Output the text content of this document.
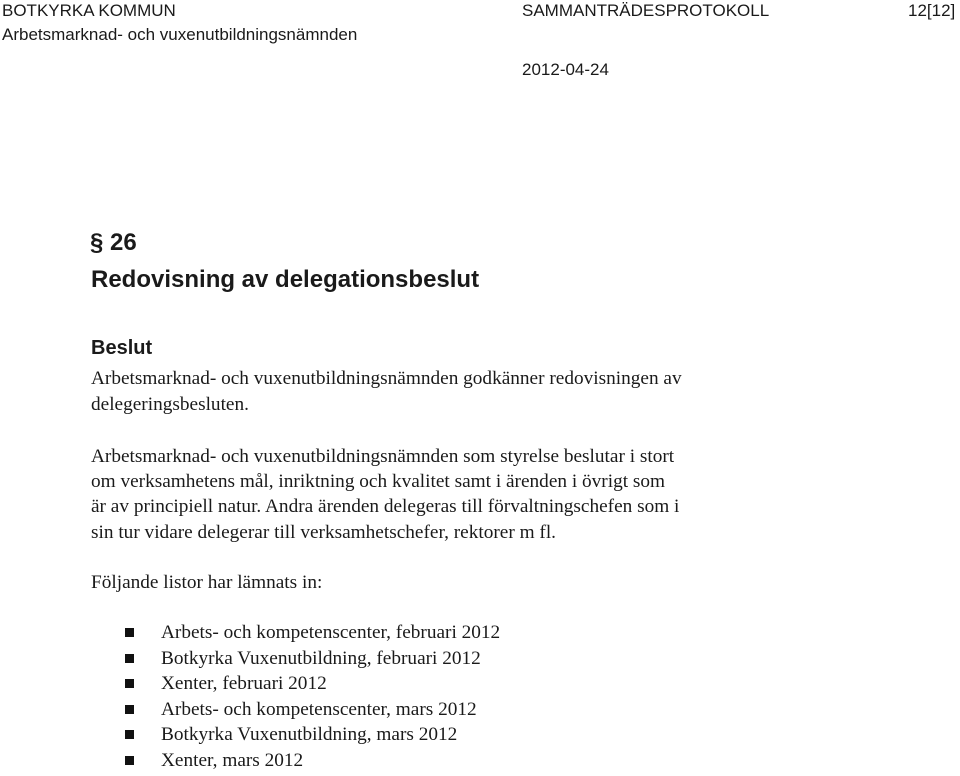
BOTKYRKA KOMMUN	SAMMANTRÄDESPROTOKOLL	12[12]
Arbetsmarknad- och vuxenutbildningsnämnden
2012-04-24
§ 26
Redovisning av delegationsbeslut
Beslut
Arbetsmarknad- och vuxenutbildningsnämnden godkänner redovisningen av
delegeringsbesluten.
Arbetsmarknad- och vuxenutbildningsnämnden som styrelse beslutar i stort
om verksamhetens mål, inriktning och kvalitet samt i ärenden i övrigt som
är av principiell natur. Andra ärenden delegeras till förvaltningschefen som i
sin tur vidare delegerar till verksamhetschefer, rektorer m fl.
Följande listor har lämnats in:
Arbets- och kompetenscenter, februari 2012
Botkyrka Vuxenutbildning, februari 2012
Xenter, februari 2012
Arbets- och kompetenscenter, mars 2012
Botkyrka Vuxenutbildning, mars 2012
Xenter, mars 2012
